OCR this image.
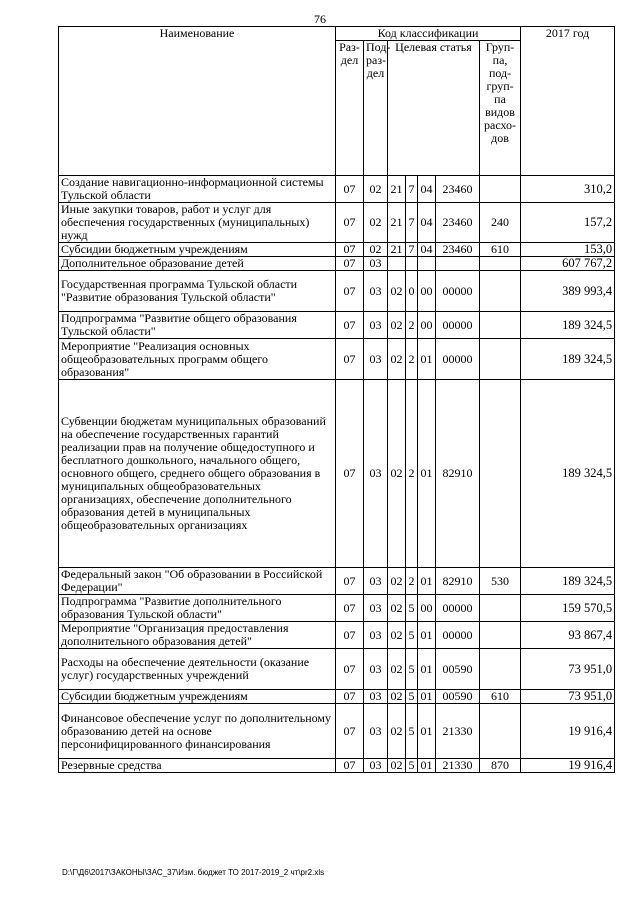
76
Наименование	Код классификации							2017 год
	Раз-дел	Под-раз-дел	Целевая статья				Груп-па, под-груп-па видов расхо-дов	
Создание навигационно-информационной системы Тульской области	07	02	21	7	04	23460		310,2
Иные закупки товаров, работ и услуг для обеспечения государственных (муниципальных) нужд	07	02	21	7	04	23460	240	157,2
Субсидии бюджетным учреждениям	07	02	21	7	04	23460	610	153,0
Дополнительное образование детей	07	03						607 767,2
Государственная программа Тульской области "Развитие образования Тульской области"	07	03	02	0	00	00000		389 993,4
Подпрограмма "Развитие общего образования Тульской области"	07	03	02	2	00	00000		189 324,5
Мероприятие "Реализация основных общеобразовательных программ общего образования"	07	03	02	2	01	00000		189 324,5
Субвенции бюджетам муниципальных образований на обеспечение государственных гарантий реализации прав на получение общедоступного и бесплатного дошкольного, начального общего, основного общего, среднего общего образования в муниципальных общеобразовательных организациях, обеспечение дополнительного образования детей в муниципальных общеобразовательных организациях	07	03	02	2	01	82910		189 324,5
Федеральный закон "Об образовании в Российской Федерации"	07	03	02	2	01	82910	530	189 324,5
Подпрограмма "Развитие дополнительного образования Тульской области"	07	03	02	5	00	00000		159 570,5
Мероприятие "Организация предоставления дополнительного образования детей"	07	03	02	5	01	00000		93 867,4
Расходы на обеспечение деятельности (оказание услуг) государственных учреждений	07	03	02	5	01	00590		73 951,0
Субсидии бюджетным учреждениям	07	03	02	5	01	00590	610	73 951,0
Финансовое обеспечение услуг по дополнительному образованию детей на основе персонифицированного финансирования	07	03	02	5	01	21330		19 916,4
Резервные средства	07	03	02	5	01	21330	870	19 916,4
D:\Г\Д6\2017\ЗАКОНЫ\ЗАС_37\Изм. бюджет ТО 2017-2019_2 чт\pr2.xls
